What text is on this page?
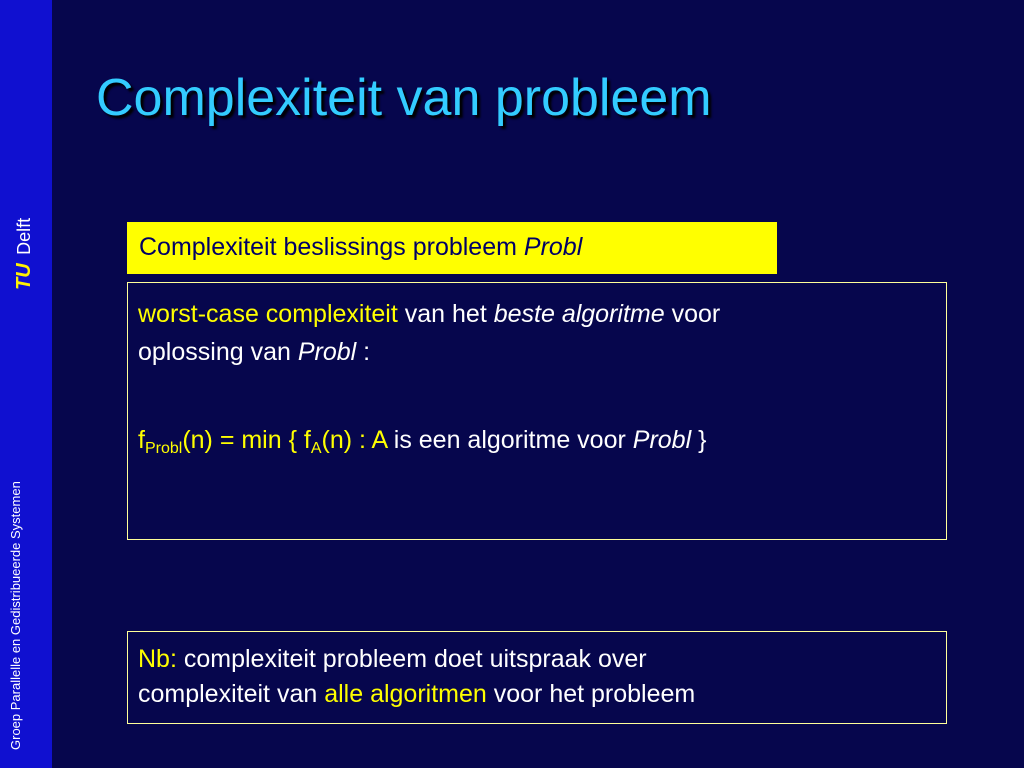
Groep Parallelle en Gedistribueerde Systemen
TU Delft
Complexiteit van probleem
Complexiteit beslissings probleem Probl
worst-case complexiteit van het beste algoritme voor
oplossing van Probl :
$f_{Probl}(n) = \min$ { $f_A(n)$ : A is een algoritme voor Probl }
Nb: complexiteit probleem doet uitspraak over
complexiteit van alle algoritmen voor het probleem
